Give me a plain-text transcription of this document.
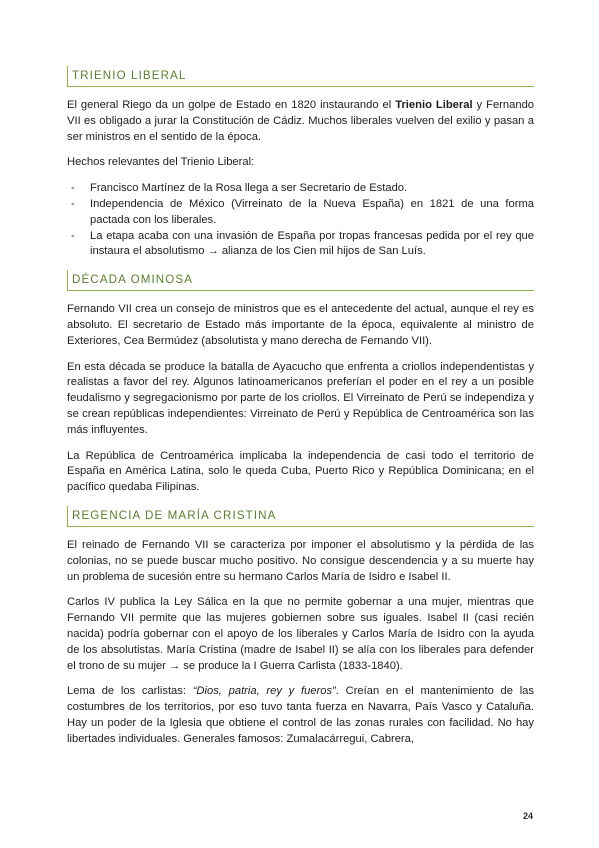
TRIENIO LIBERAL

El general Riego da un golpe de Estado en 1820 instaurando el Trienio Liberal y Fernando VII es obligado a jurar la Constitución de Cádiz. Muchos liberales vuelven del exilio y pasan a ser ministros en el sentido de la época.

Hechos relevantes del Trienio Liberal:

- Francisco Martínez de la Rosa llega a ser Secretario de Estado.
- Independencia de México (Virreinato de la Nueva España) en 1821 de una forma pactada con los liberales.
- La etapa acaba con una invasión de España por tropas francesas pedida por el rey que instaura el absolutismo → alianza de los Cien mil hijos de San Luís.
DÉCADA OMINOSA

Fernando VII crea un consejo de ministros que es el antecedente del actual, aunque el rey es absoluto. El secretario de Estado más importante de la época, equivalente al ministro de Exteriores, Cea Bermúdez (absolutista y mano derecha de Fernando VII).

En esta década se produce la batalla de Ayacucho que enfrenta a criollos independentistas y realistas a favor del rey. Algunos latinoamericanos preferían el poder en el rey a un posible feudalismo y segregacionismo por parte de los criollos. El Virreinato de Perú se independiza y se crean repúblicas independientes: Virreinato de Perú y República de Centroamérica son las más influyentes.

La República de Centroamérica implicaba la independencia de casi todo el territorio de España en América Latina, solo le queda Cuba, Puerto Rico y República Dominicana; en el pacífico quedaba Filipinas.

REGENCIA DE MARÍA CRISTINA

El reinado de Fernando VII se caracteriza por imponer el absolutismo y la pérdida de las colonias, no se puede buscar mucho positivo. No consigue descendencia y a su muerte hay un problema de sucesión entre su hermano Carlos María de Isidro e Isabel II.

Carlos IV publica la Ley Sálica en la que no permite gobernar a una mujer, mientras que Fernando VII permite que las mujeres gobiernen sobre sus iguales. Isabel II (casi recién nacida) podría gobernar con el apoyo de los liberales y Carlos María de Isidro con la ayuda de los absolutistas. María Cristina (madre de Isabel II) se alía con los liberales para defender el trono de su mujer → se produce la I Guerra Carlista (1833-1840).

Lema de los carlistas: “Dios, patria, rey y fueros”. Creían en el mantenimiento de las costumbres de los territorios, por eso tuvo tanta fuerza en Navarra, País Vasco y Cataluña. Hay un poder de la Iglesia que obtiene el control de las zonas rurales con facilidad. No hay libertades individuales. Generales famosos: Zumalacárregui, Cabrera,

24
